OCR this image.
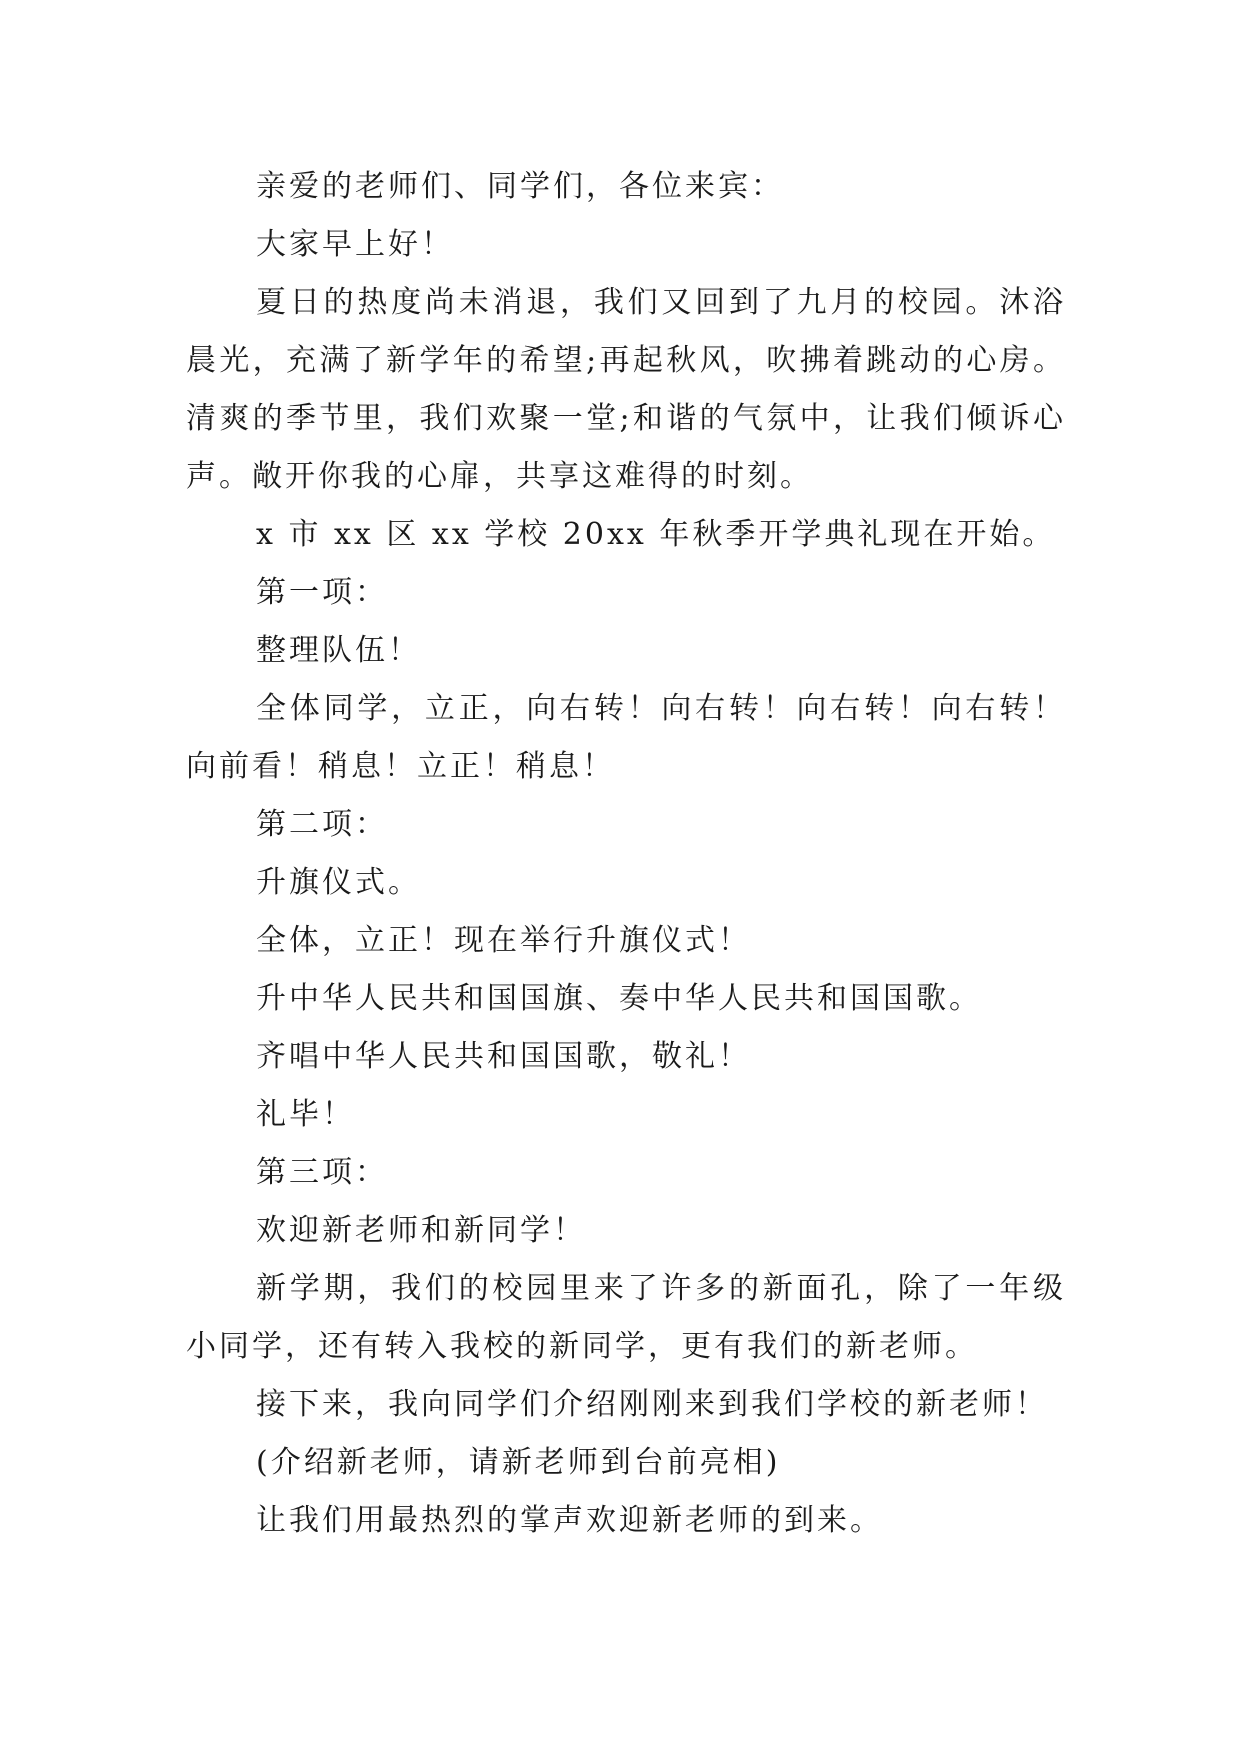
亲爱的老师们、同学们，各位来宾：

大家早上好！

夏日的热度尚未消退，我们又回到了九月的校园。沐浴晨光，充满了新学年的希望;再起秋风，吹拂着跳动的心房。清爽的季节里，我们欢聚一堂;和谐的气氛中，让我们倾诉心声。敞开你我的心扉，共享这难得的时刻。

x 市 xx 区 xx 学校 20xx 年秋季开学典礼现在开始。

第一项：

整理队伍！

全体同学，立正，向右转！向右转！向右转！向右转！向前看！稍息！立正！稍息！

第二项：

升旗仪式。

全体，立正！现在举行升旗仪式！

升中华人民共和国国旗、奏中华人民共和国国歌。

齐唱中华人民共和国国歌，敬礼！

礼毕！

第三项：

欢迎新老师和新同学！

新学期，我们的校园里来了许多的新面孔，除了一年级小同学，还有转入我校的新同学，更有我们的新老师。

接下来，我向同学们介绍刚刚来到我们学校的新老师！

(介绍新老师，请新老师到台前亮相)

让我们用最热烈的掌声欢迎新老师的到来。
